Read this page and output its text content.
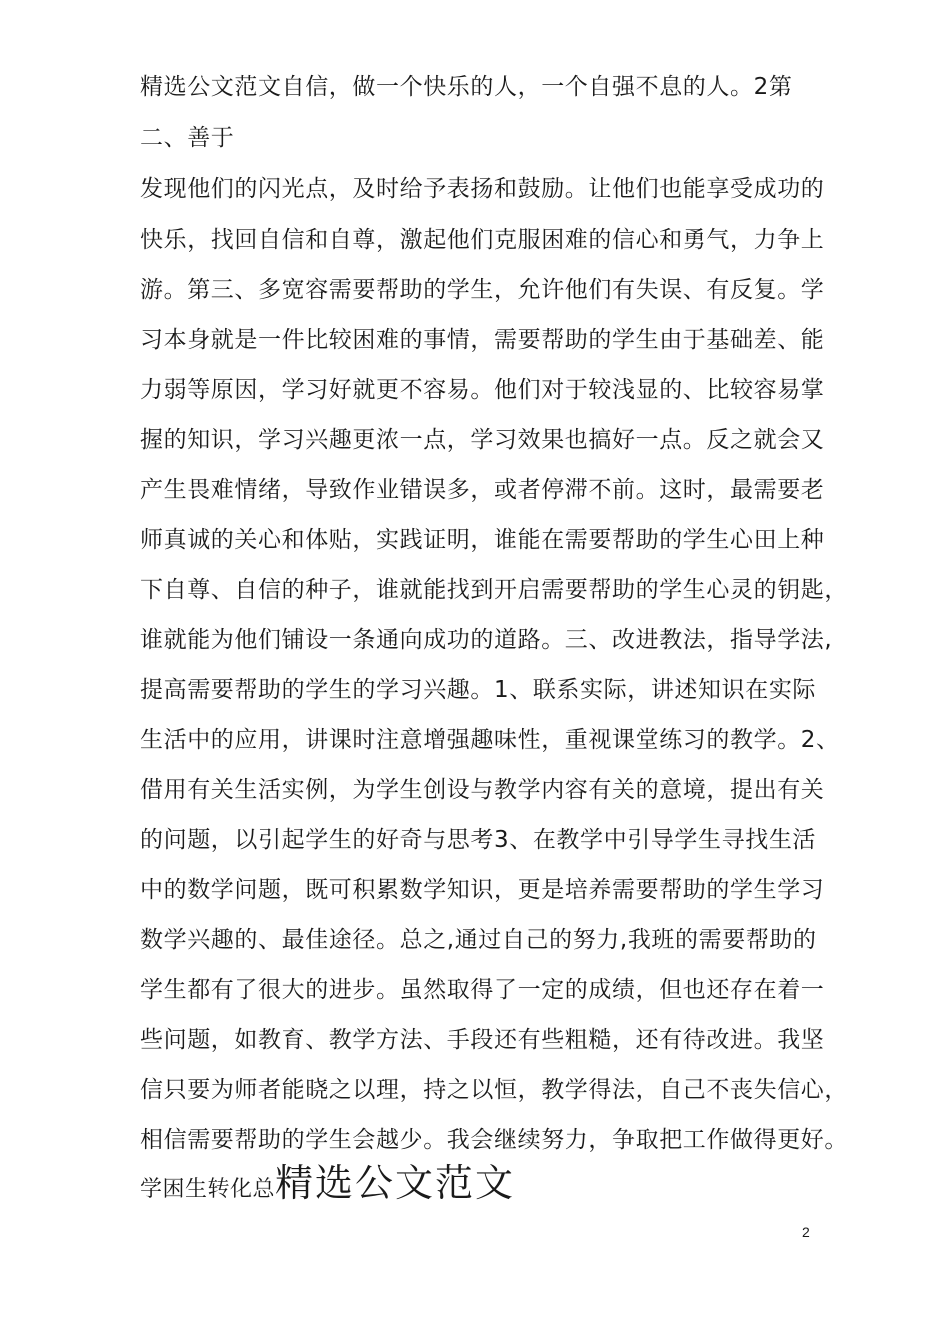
精选公文范文自信，做一个快乐的人，一个自强不息的人。2第
二、善于
发现他们的闪光点，及时给予表扬和鼓励。让他们也能享受成功的
快乐，找回自信和自尊，激起他们克服困难的信心和勇气，力争上
游。第三、多宽容需要帮助的学生，允许他们有失误、有反复。学
习本身就是一件比较困难的事情，需要帮助的学生由于基础差、能
力弱等原因，学习好就更不容易。他们对于较浅显的、比较容易掌
握的知识，学习兴趣更浓一点，学习效果也搞好一点。反之就会又
产生畏难情绪，导致作业错误多，或者停滞不前。这时，最需要老
师真诚的关心和体贴，实践证明，谁能在需要帮助的学生心田上种
下自尊、自信的种子，谁就能找到开启需要帮助的学生心灵的钥匙，
谁就能为他们铺设一条通向成功的道路。三、改进教法，指导学法,
提高需要帮助的学生的学习兴趣。1、联系实际，讲述知识在实际
生活中的应用，讲课时注意增强趣味性，重视课堂练习的教学。2、
借用有关生活实例，为学生创设与教学内容有关的意境，提出有关
的问题，以引起学生的好奇与思考3、在教学中引导学生寻找生活
中的数学问题，既可积累数学知识，更是培养需要帮助的学生学习
数学兴趣的、最佳途径。总之,通过自己的努力,我班的需要帮助的
学生都有了很大的进步。虽然取得了一定的成绩，但也还存在着一
些问题，如教育、教学方法、手段还有些粗糙，还有待改进。我坚
信只要为师者能晓之以理，持之以恒，教学得法，自己不丧失信心，
相信需要帮助的学生会越少。我会继续努力，争取把工作做得更好。
学困生转化总精选公文范文
2
